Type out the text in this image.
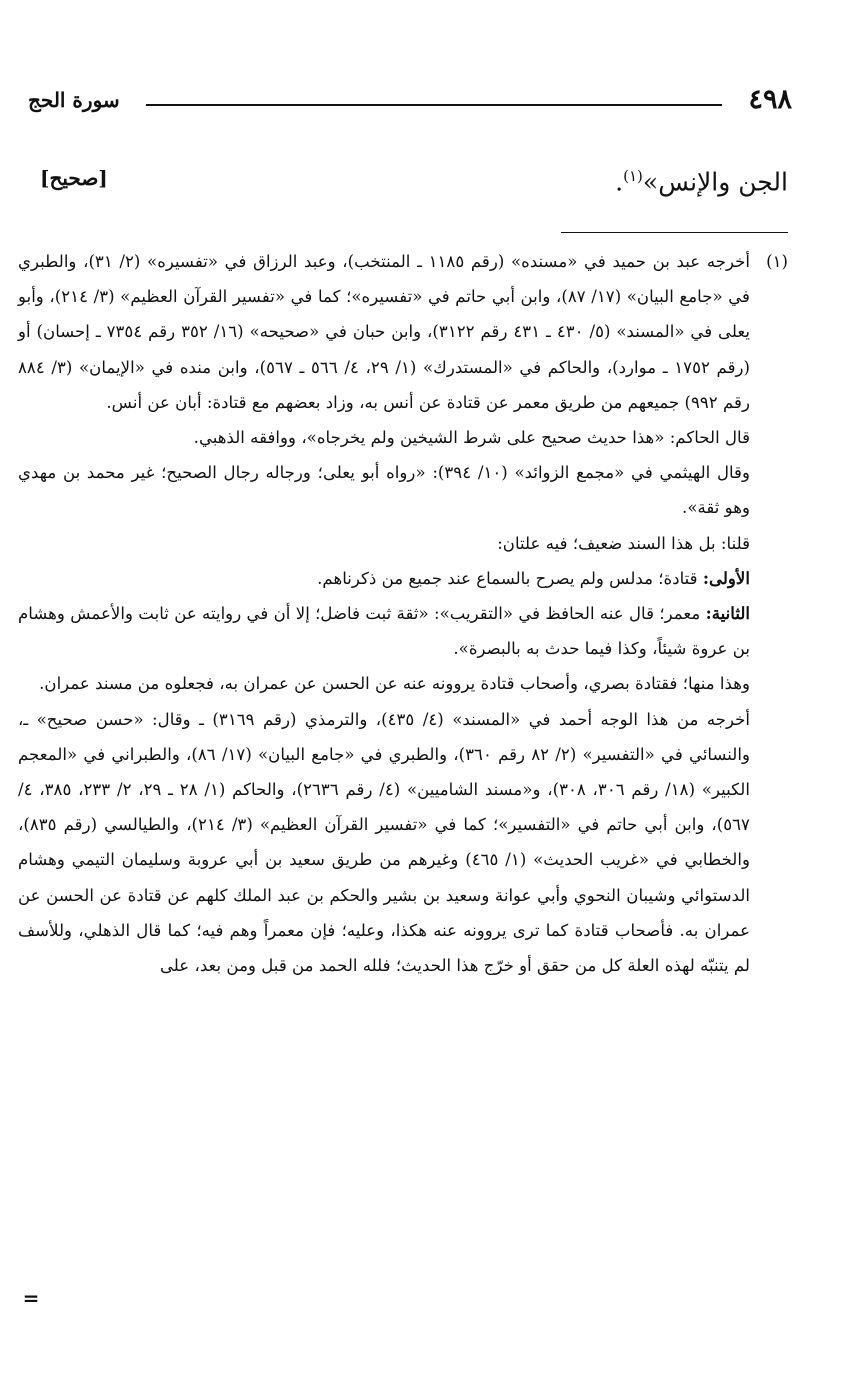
٤٩٨
سورة الحج
الجن والإنس»$^{(١)}$.
[صحيح]
(١)

أخرجه عبد بن حميد في «مسنده» (رقم ١١٨٥ ـ المنتخب)، وعبد الرزاق في «تفسيره» (٢/ ٣١)، والطبري في «جامع البيان» (١٧/ ٨٧)، وابن أبي حاتم في «تفسيره»؛ كما في «تفسير القرآن العظيم» (٣/ ٢١٤)، وأبو يعلى في «المسند» (٥/ ٤٣٠ ـ ٤٣١ رقم ٣١٢٢)، وابن حبان في «صحيحه» (١٦/ ٣٥٢ رقم ٧٣٥٤ ـ إحسان) أو (رقم ١٧٥٢ ـ موارد)، والحاكم في «المستدرك» (١/ ٢٩، ٤/ ٥٦٦ ـ ٥٦٧)، وابن منده في «الإيمان» (٣/ ٨٨٤ رقم ٩٩٢) جميعهم من طريق معمر عن قتادة عن أنس به، وزاد بعضهم مع قتادة: أبان عن أنس.

قال الحاكم: «هذا حديث صحيح على شرط الشيخين ولم يخرجاه»، ووافقه الذهبي.

وقال الهيثمي في «مجمع الزوائد» (١٠/ ٣٩٤): «رواه أبو يعلى؛ ورجاله رجال الصحيح؛ غير محمد بن مهدي وهو ثقة».

قلنا: بل هذا السند ضعيف؛ فيه علتان:

الأولى: قتادة؛ مدلس ولم يصرح بالسماع عند جميع من ذكرناهم.

الثانية: معمر؛ قال عنه الحافظ في «التقريب»: «ثقة ثبت فاضل؛ إلا أن في روايته عن ثابت والأعمش وهشام بن عروة شيئاً، وكذا فيما حدث به بالبصرة».

وهذا منها؛ فقتادة بصري، وأصحاب قتادة يروونه عنه عن الحسن عن عمران به، فجعلوه من مسند عمران.

أخرجه من هذا الوجه أحمد في «المسند» (٤/ ٤٣٥)، والترمذي (رقم ٣١٦٩) ـ وقال: «حسن صحيح» ـ، والنسائي في «التفسير» (٢/ ٨٢ رقم ٣٦٠)، والطبري في «جامع البيان» (١٧/ ٨٦)، والطبراني في «المعجم الكبير» (١٨/ رقم ٣٠٦، ٣٠٨)، و«مسند الشاميين» (٤/ رقم ٢٦٣٦)، والحاكم (١/ ٢٨ ـ ٢٩، ٢/ ٢٣٣، ٣٨٥، ٤/ ٥٦٧)، وابن أبي حاتم في «التفسير»؛ كما في «تفسير القرآن العظيم» (٣/ ٢١٤)، والطيالسي (رقم ٨٣٥)، والخطابي في «غريب الحديث» (١/ ٤٦٥) وغيرهم من طريق سعيد بن أبي عروبة وسليمان التيمي وهشام الدستوائي وشيبان النحوي وأبي عوانة وسعيد بن بشير والحكم بن عبد الملك كلهم عن قتادة عن الحسن عن عمران به. فأصحاب قتادة كما ترى يروونه عنه هكذا، وعليه؛ فإن معمراً وهم فيه؛ كما قال الذهلي، وللأسف لم يتنبّه لهذه العلة كل من حقق أو خرّج هذا الحديث؛ فلله الحمد من قبل ومن بعد، على

=
